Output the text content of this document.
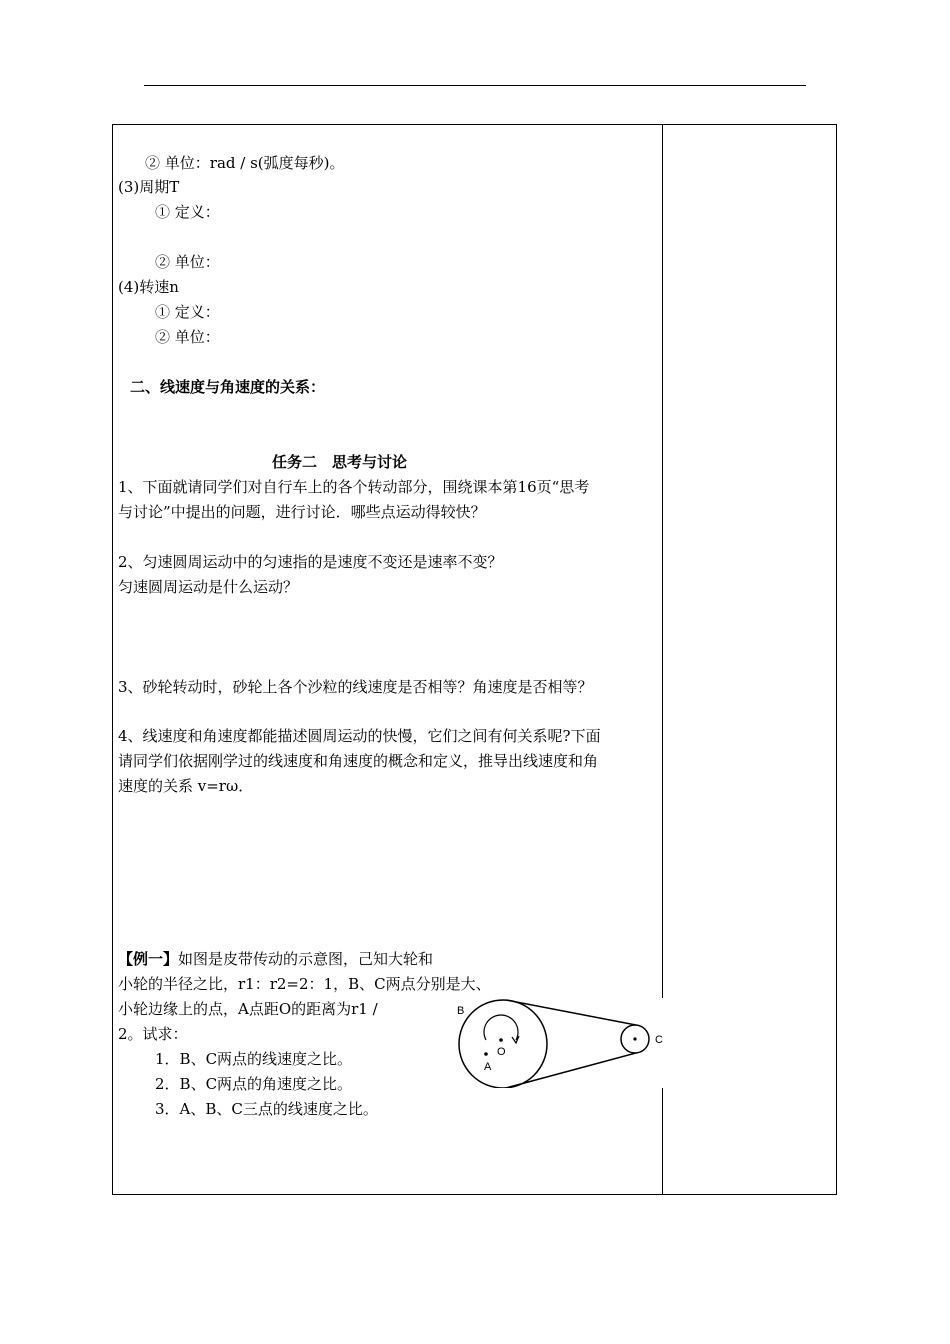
② 单位：rad / s(弧度每秒)。
(3)周期T
① 定义：
② 单位：
(4)转速n
① 定义：
② 单位：
二、线速度与角速度的关系：
任务二　思考与讨论
1、下面就请同学们对自行车上的各个转动部分，围绕课本第16页“思考
与讨论”中提出的问题，进行讨论．哪些点运动得较快？
2、匀速圆周运动中的匀速指的是速度不变还是速率不变？
匀速圆周运动是什么运动？
3、砂轮转动时，砂轮上各个沙粒的线速度是否相等？角速度是否相等？
4、线速度和角速度都能描述圆周运动的快慢，它们之间有何关系呢?下面
请同学们依据刚学过的线速度和角速度的概念和定义，推导出线速度和角
速度的关系 v=rω．
【例一】如图是皮带传动的示意图，己知大轮和
小轮的半径之比，r1：r2=2：1，B、C两点分别是大、
小轮边缘上的点，A点距O的距离为r1 /
2。试求：
1．B、C两点的线速度之比。
2．B、C两点的角速度之比。
3．A、B、C三点的线速度之比。
B
O
A
C
